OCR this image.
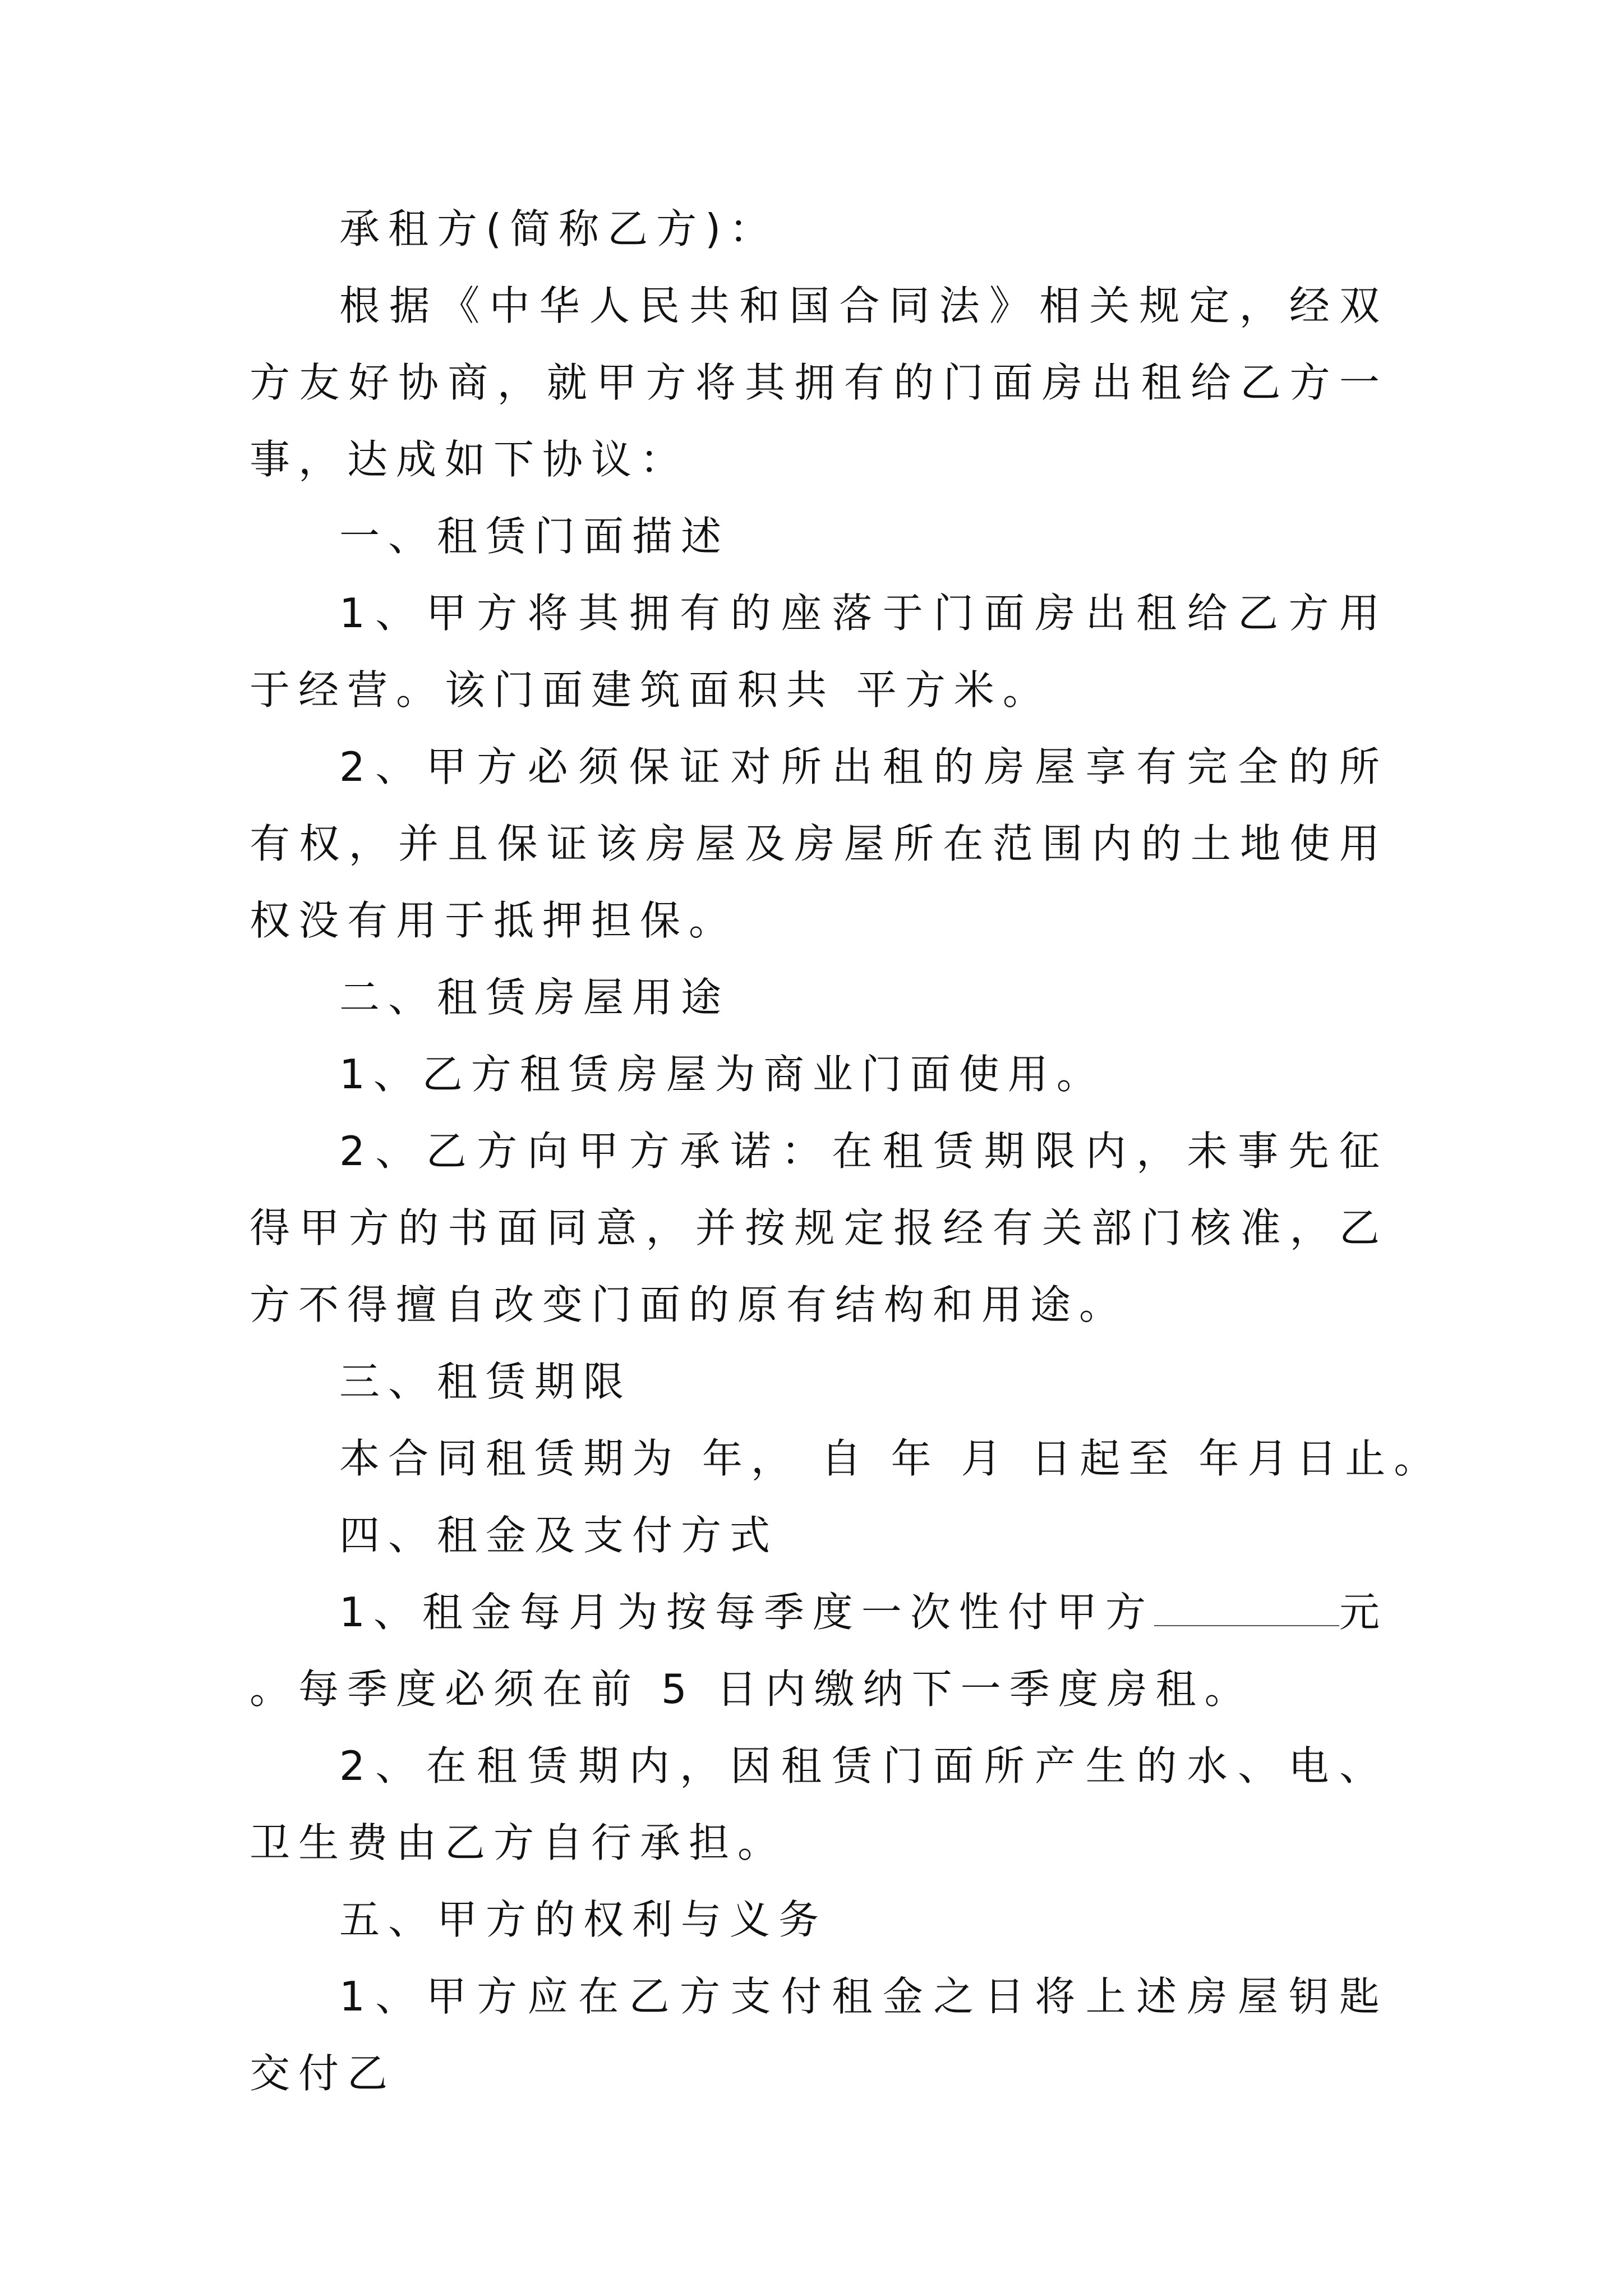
承租方(简称乙方)：

根据《中华人民共和国合同法》相关规定，经双方友好协商，就甲方将其拥有的门面房出租给乙方一事，达成如下协议：

一、租赁门面描述

1、甲方将其拥有的座落于门面房出租给乙方用于经营。该门面建筑面积共 平方米。

2、甲方必须保证对所出租的房屋享有完全的所有权，并且保证该房屋及房屋所在范围内的土地使用权没有用于抵押担保。

二、租赁房屋用途

1、乙方租赁房屋为商业门面使用。

2、乙方向甲方承诺：在租赁期限内，未事先征得甲方的书面同意，并按规定报经有关部门核准，乙方不得擅自改变门面的原有结构和用途。

三、租赁期限

本合同租赁期为 年， 自 年 月 日起至 年月日止。

四、租金及支付方式

1、租金每月为按每季度一次性付甲方	元。每季度必须在前 5 日内缴纳下一季度房租。

2、在租赁期内，因租赁门面所产生的水、电、卫生费由乙方自行承担。

五、甲方的权利与义务

1、甲方应在乙方支付租金之日将上述房屋钥匙交付乙
